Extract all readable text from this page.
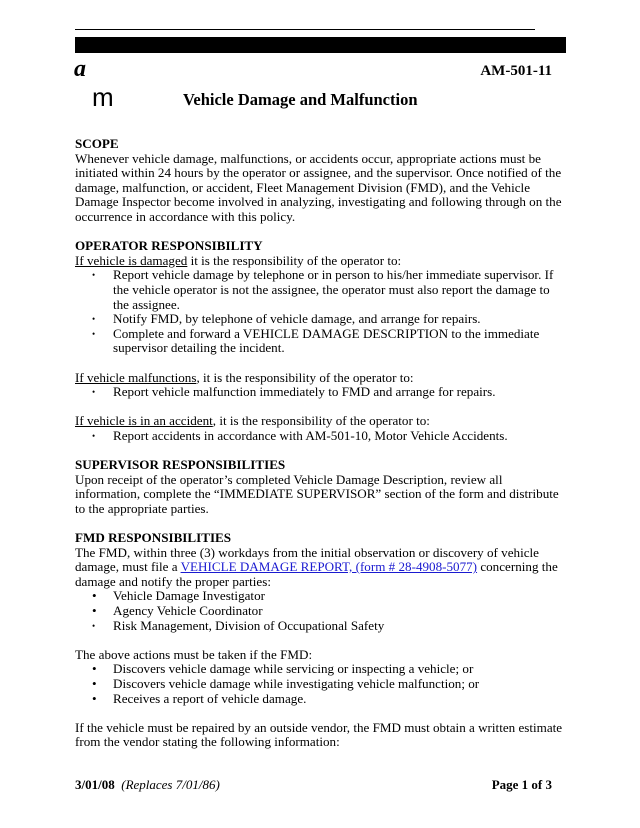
a
m
AM-501-11
Vehicle Damage and Malfunction
SCOPE
Whenever vehicle damage, malfunctions, or accidents occur, appropriate actions must be initiated within 24 hours by the operator or assignee, and the supervisor. Once notified of the damage, malfunction, or accident, Fleet Management Division (FMD), and the Vehicle Damage Inspector become involved in analyzing, investigating and following through on the occurrence in accordance with this policy.
OPERATOR RESPONSIBILITY
If vehicle is damaged it is the responsibility of the operator to:
• Report vehicle damage by telephone or in person to his/her immediate supervisor. If the vehicle operator is not the assignee, the operator must also report the damage to the assignee.
• Notify FMD, by telephone of vehicle damage, and arrange for repairs.
• Complete and forward a VEHICLE DAMAGE DESCRIPTION to the immediate supervisor detailing the incident.
If vehicle malfunctions, it is the responsibility of the operator to:
• Report vehicle malfunction immediately to FMD and arrange for repairs.
If vehicle is in an accident, it is the responsibility of the operator to:
• Report accidents in accordance with AM-501-10, Motor Vehicle Accidents.
SUPERVISOR RESPONSIBILITIES
Upon receipt of the operator’s completed Vehicle Damage Description, review all information, complete the “IMMEDIATE SUPERVISOR” section of the form and distribute to the appropriate parties.
FMD RESPONSIBILITIES
The FMD, within three (3) workdays from the initial observation or discovery of vehicle damage, must file a VEHICLE DAMAGE REPORT, (form # 28-4908-5077) concerning the damage and notify the proper parties:
• Vehicle Damage Investigator
• Agency Vehicle Coordinator
• Risk Management, Division of Occupational Safety
The above actions must be taken if the FMD:
• Discovers vehicle damage while servicing or inspecting a vehicle; or
• Discovers vehicle damage while investigating vehicle malfunction; or
• Receives a report of vehicle damage.
If the vehicle must be repaired by an outside vendor, the FMD must obtain a written estimate from the vendor stating the following information:
3/01/08 (Replaces 7/01/86)	Page 1 of 3
